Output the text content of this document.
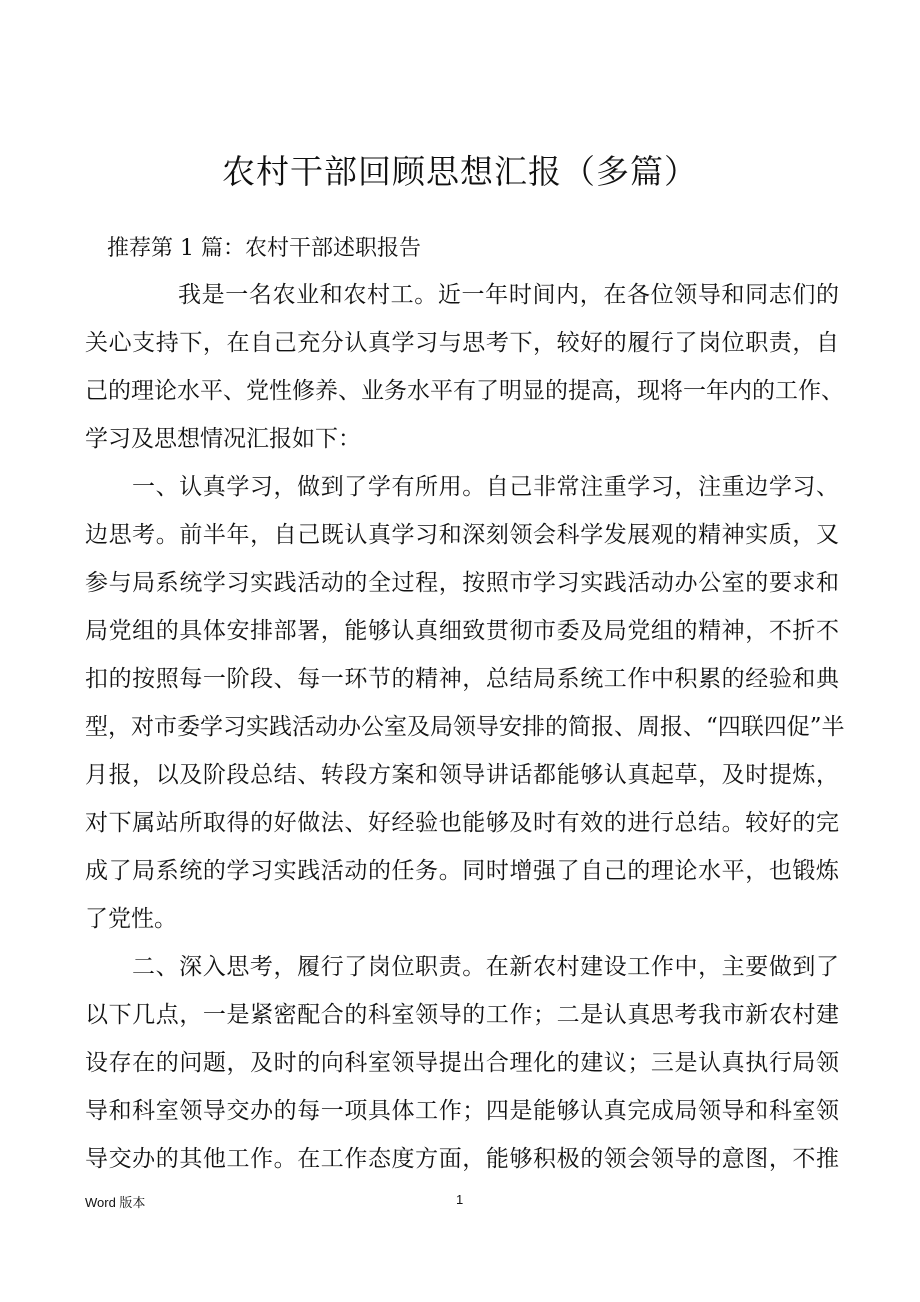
农村干部回顾思想汇报（多篇）
推荐第 1 篇：农村干部述职报告
我是一名农业和农村工。近一年时间内，在各位领导和同志们的
关心支持下，在自己充分认真学习与思考下，较好的履行了岗位职责，自
己的理论水平、党性修养、业务水平有了明显的提高，现将一年内的工作、
学习及思想情况汇报如下：
一、认真学习，做到了学有所用。自己非常注重学习，注重边学习、
边思考。前半年，自己既认真学习和深刻领会科学发展观的精神实质，又
参与局系统学习实践活动的全过程，按照市学习实践活动办公室的要求和
局党组的具体安排部署，能够认真细致贯彻市委及局党组的精神，不折不
扣的按照每一阶段、每一环节的精神，总结局系统工作中积累的经验和典
型，对市委学习实践活动办公室及局领导安排的简报、周报、“四联四促”半
月报，以及阶段总结、转段方案和领导讲话都能够认真起草，及时提炼，
对下属站所取得的好做法、好经验也能够及时有效的进行总结。较好的完
成了局系统的学习实践活动的任务。同时增强了自己的理论水平，也锻炼
了党性。
二、深入思考，履行了岗位职责。在新农村建设工作中，主要做到了
以下几点，一是紧密配合的科室领导的工作；二是认真思考我市新农村建
设存在的问题，及时的向科室领导提出合理化的建议；三是认真执行局领
导和科室领导交办的每一项具体工作；四是能够认真完成局领导和科室领
导交办的其他工作。在工作态度方面，能够积极的领会领导的意图，不推
Word 版本	1
